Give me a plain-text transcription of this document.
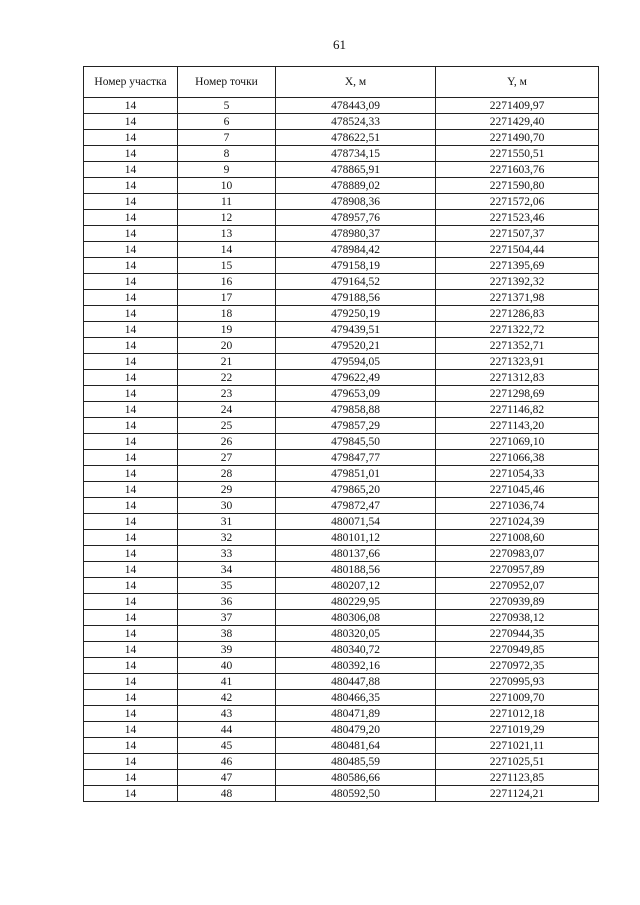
61
Номер участка	Номер точки	X, м	Y, м
14	5	478443,09	2271409,97
14	6	478524,33	2271429,40
14	7	478622,51	2271490,70
14	8	478734,15	2271550,51
14	9	478865,91	2271603,76
14	10	478889,02	2271590,80
14	11	478908,36	2271572,06
14	12	478957,76	2271523,46
14	13	478980,37	2271507,37
14	14	478984,42	2271504,44
14	15	479158,19	2271395,69
14	16	479164,52	2271392,32
14	17	479188,56	2271371,98
14	18	479250,19	2271286,83
14	19	479439,51	2271322,72
14	20	479520,21	2271352,71
14	21	479594,05	2271323,91
14	22	479622,49	2271312,83
14	23	479653,09	2271298,69
14	24	479858,88	2271146,82
14	25	479857,29	2271143,20
14	26	479845,50	2271069,10
14	27	479847,77	2271066,38
14	28	479851,01	2271054,33
14	29	479865,20	2271045,46
14	30	479872,47	2271036,74
14	31	480071,54	2271024,39
14	32	480101,12	2271008,60
14	33	480137,66	2270983,07
14	34	480188,56	2270957,89
14	35	480207,12	2270952,07
14	36	480229,95	2270939,89
14	37	480306,08	2270938,12
14	38	480320,05	2270944,35
14	39	480340,72	2270949,85
14	40	480392,16	2270972,35
14	41	480447,88	2270995,93
14	42	480466,35	2271009,70
14	43	480471,89	2271012,18
14	44	480479,20	2271019,29
14	45	480481,64	2271021,11
14	46	480485,59	2271025,51
14	47	480586,66	2271123,85
14	48	480592,50	2271124,21
